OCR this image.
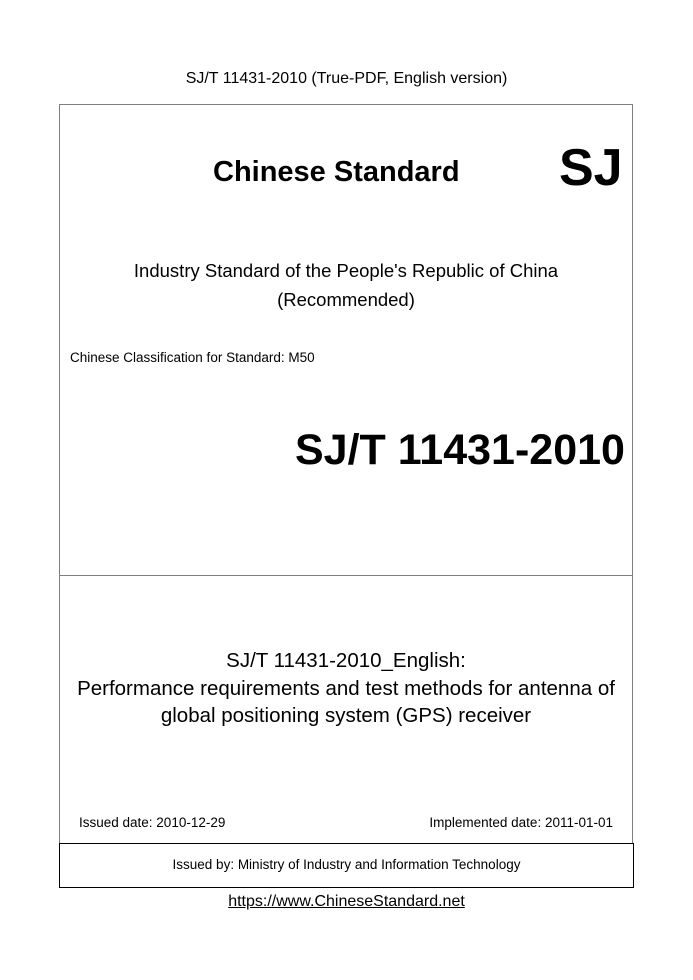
SJ/T 11431-2010 (True-PDF, English version)
Chinese Standard SJ
Industry Standard of the People's Republic of China
(Recommended)
Chinese Classification for Standard: M50
SJ/T 11431-2010
SJ/T 11431-2010_English:
Performance requirements and test methods for antenna of
global positioning system (GPS) receiver
Issued date: 2010-12-29	Implemented date: 2011-01-01
Issued by: Ministry of Industry and Information Technology
https://www.ChineseStandard.net
